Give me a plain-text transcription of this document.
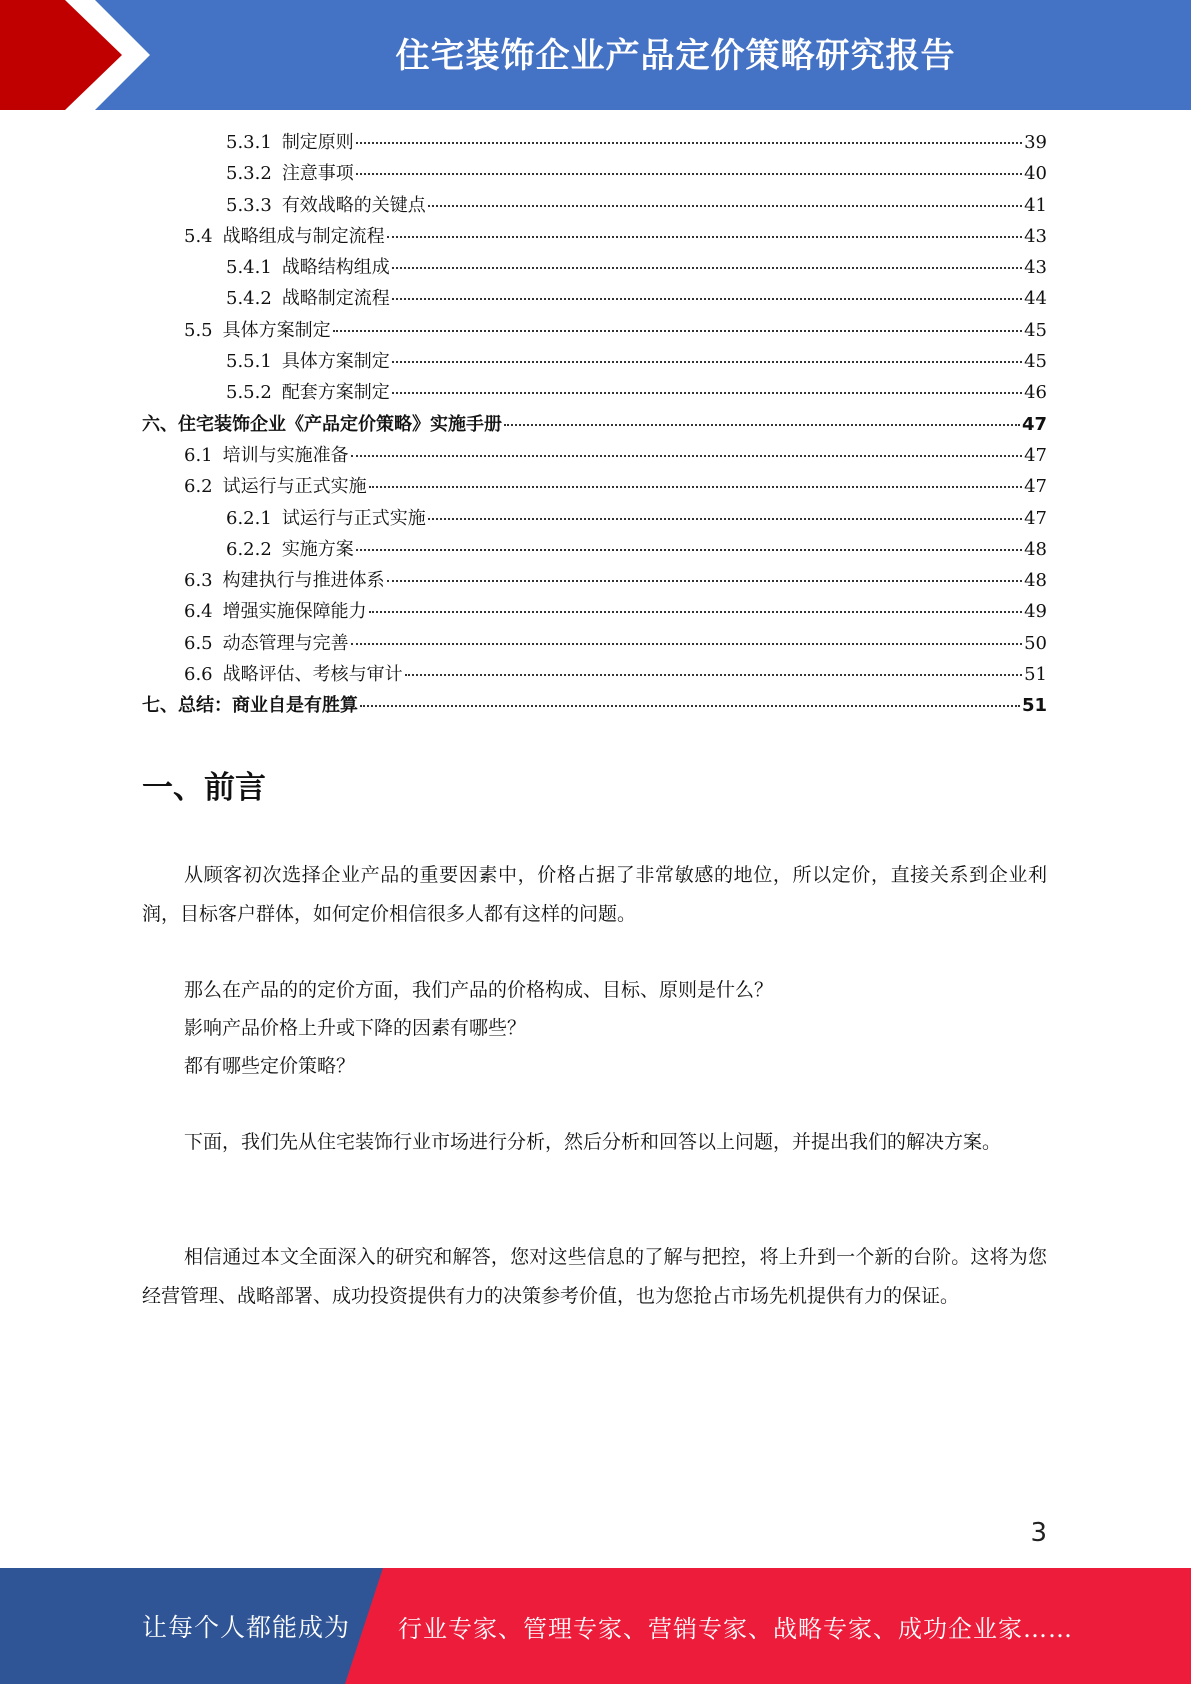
住宅装饰企业产品定价策略研究报告
5.3.1 制定原则	39
5.3.2 注意事项	40
5.3.3 有效战略的关键点	41
5.4 战略组成与制定流程	43
5.4.1 战略结构组成	43
5.4.2 战略制定流程	44
5.5 具体方案制定	45
5.5.1 具体方案制定	45
5.5.2 配套方案制定	46
六、住宅装饰企业《产品定价策略》实施手册	47
6.1 培训与实施准备	47
6.2 试运行与正式实施	47
6.2.1 试运行与正式实施	47
6.2.2 实施方案	48
6.3 构建执行与推进体系	48
6.4 增强实施保障能力	49
6.5 动态管理与完善	50
6.6 战略评估、考核与审计	51
七、总结：商业自是有胜算	51
一、前言

从顾客初次选择企业产品的重要因素中，价格占据了非常敏感的地位，所以定价，直接关系到企业利润，目标客户群体，如何定价相信很多人都有这样的问题。

那么在产品的的定价方面，我们产品的价格构成、目标、原则是什么？

影响产品价格上升或下降的因素有哪些？

都有哪些定价策略？

下面，我们先从住宅装饰行业市场进行分析，然后分析和回答以上问题，并提出我们的解决方案。

相信通过本文全面深入的研究和解答，您对这些信息的了解与把控，将上升到一个新的台阶。这将为您经营管理、战略部署、成功投资提供有力的决策参考价值，也为您抢占市场先机提供有力的保证。

3
让每个人都能成为 行业专家、管理专家、营销专家、战略专家、成功企业家……
